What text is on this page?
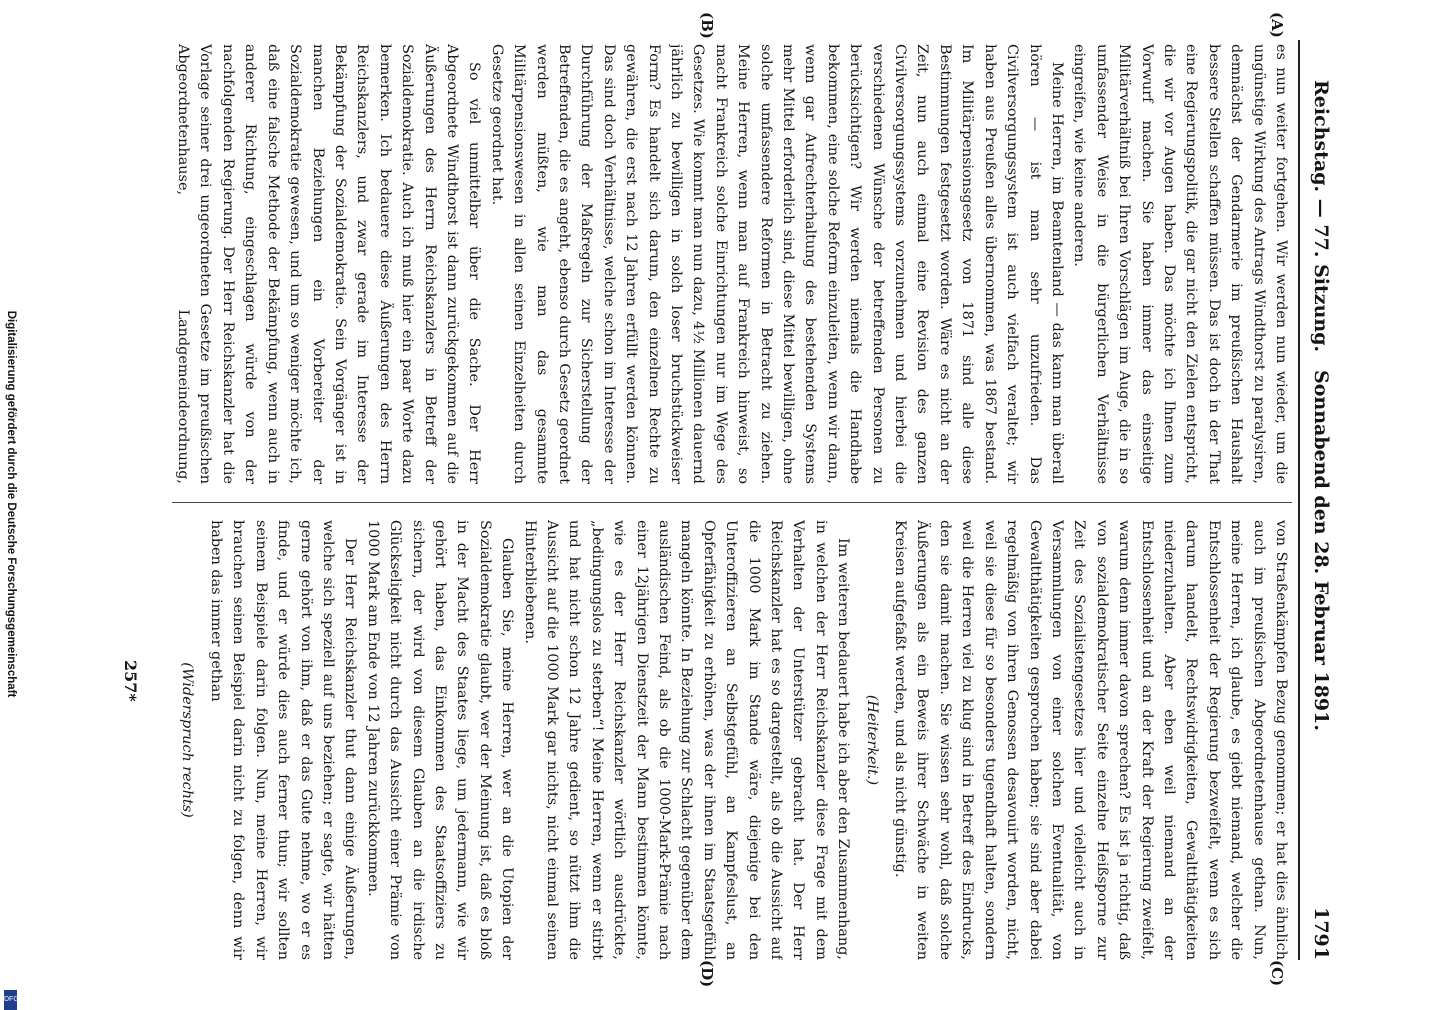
Digitalisierung gefördert durch die Deutsche Forschungsgemeinschaft
DFG
Reichstag. — 77. Sitzung.
Sonnabend den 28. Februar 1891.
1791
(A)
(B)
(C)
(D)

es nun weiter fortgehen. Wir werden nun wieder, um die ungünstige Wirkung des Antrags Windthorst zu paralysiren, demnächst der Gendarmerie im preußischen Haushalt bessere Stellen schaffen müssen. Das ist doch in der That eine Regierungspolitik, die gar nicht den Zielen entspricht, die wir vor Augen haben. Das möchte ich Ihnen zum Vorwurf machen. Sie haben immer das einseitige Militärverhältniß bei Ihren Vorschlägen im Auge, die in so umfassender Weise in die bürgerlichen Verhältnisse eingreifen, wie keine anderen.

Meine Herren, im Beamtenland — das kann man überall hören — ist man sehr unzufrieden. Das Civilversorgungssystem ist auch vielfach veraltet; wir haben aus Preußen alles übernommen, was 1867 bestand. Im Militärpensionsgesetz von 1871 sind alle diese Bestimmungen festgesetzt worden. Wäre es nicht an der Zeit, nun auch einmal eine Revision des ganzen Civilversorgungssystems vorzunehmen und hierbei die verschiedenen Wünsche der betreffenden Personen zu berücksichtigen? Wir werden niemals die Handhabe bekommen, eine solche Reform einzuleiten, wenn wir dann, wenn gar Aufrechterhaltung des bestehenden Systems mehr Mittel erforderlich sind, diese Mittel bewilligen, ohne solche umfassendere Reformen in Betracht zu ziehen. Meine Herren, wenn man auf Frankreich hinweist, so macht Frankreich solche Einrichtungen nur im Wege des Gesetzes. Wie kommt man nun dazu, 4½ Millionen dauernd jährlich zu bewilligen in solch loser bruchstückweiser Form? Es handelt sich darum, den einzelnen Rechte zu gewähren, die erst nach 12 Jahren erfüllt werden können. Das sind doch Verhältnisse, welche schon im Interesse der Durchführung der Maßregeln zur Sicherstellung der Betreffenden, die es angeht, ebenso durch Gesetz geordnet werden müßten, wie man das gesammte Militärpensionswesen in allen seinen Einzelheiten durch Gesetze geordnet hat.

So viel unmittelbar über die Sache. Der Herr Abgeordnete Windthorst ist dann zurückgekommen auf die Äußerungen des Herrn Reichskanzlers in Betreff der Sozialdemokratie. Auch ich muß hier ein paar Worte dazu bemerken. Ich bedauere diese Äußerungen des Herrn Reichskanzlers, und zwar gerade im Interesse der Bekämpfung der Sozialdemokratie. Sein Vorgänger ist in manchen Beziehungen ein Vorbereiter der Sozialdemokratie gewesen, und um so weniger möchte ich, daß eine falsche Methode der Bekämpfung, wenn auch in anderer Richtung, eingeschlagen würde von der nachfolgenden Regierung. Der Herr Reichskanzler hat die Vorlage seiner drei ungeordneten Gesetze im preußischen Abgeordnetenhause, Landgemeindeordnung,

von Straßenkämpfen Bezug genommen; er hat dies ähnlich auch im preußischen Abgeordnetenhause gethan. Nun, meine Herren, ich glaube, es giebt niemand, welcher die Entschlossenheit der Regierung bezweifelt, wenn es sich darum handelt, Rechtswidrigkeiten, Gewaltthätigkeiten niederzuhalten. Aber eben weil niemand an der Entschlossenheit und an der Kraft der Regierung zweifelt, warum denn immer davon sprechen? Es ist ja richtig, daß von sozialdemokratischer Seite einzelne Heißsporne zur Zeit des Sozialistengesetzes hier und vielleicht auch in Versammlungen von einer solchen Eventualität, von Gewaltthätigkeiten gesprochen haben; sie sind aber dabei regelmäßig von ihren Genossen desavouirt worden, nicht, weil sie diese für so besonders tugendhaft halten, sondern weil die Herren viel zu klug sind in Betreff des Eindrucks, den sie damit machen. Sie wissen sehr wohl, daß solche Äußerungen als ein Beweis ihrer Schwäche in weiten Kreisen aufgefaßt werden, und als nicht günstig.

(Heiterkeit.)

Im weiteren bedauert habe ich aber den Zusammenhang, in welchen der Herr Reichskanzler diese Frage mit dem Verhalten der Unterstützer gebracht hat. Der Herr Reichskanzler hat es so dargestellt, als ob die Aussicht auf die 1000 Mark im Stande wäre, diejenige bei den Unteroffizieren an Selbstgefühl, an Kampfeslust, an Opferfähigkeit zu erhöhen, was der ihnen im Staatsgefühl mangeln könnte. In Beziehung zur Schlacht gegenüber dem ausländischen Feind, als ob die 1000-Mark-Prämie nach einer 12jährigen Dienstzeit der Mann bestimmen könnte, wie es der Herr Reichskanzler wörtlich ausdrückte, „bedingungslos zu sterben“! Meine Herren, wenn er stirbt und hat nicht schon 12 Jahre gedient, so nützt ihm die Aussicht auf die 1000 Mark gar nichts, nicht einmal seinen Hinterbliebenen.

Glauben Sie, meine Herren, wer an die Utopien der Sozialdemokratie glaubt, wer der Meinung ist, daß es bloß in der Macht des Staates liege, um jedermann, wie wir gehört haben, das Einkommen des Staatsoffiziers zu sichern, der wird von diesem Glauben an die irdische Glückseligkeit nicht durch das Aussicht einer Prämie von 1000 Mark am Ende von 12 Jahren zurückkommen.

Der Herr Reichskanzler thut dann einige Äußerungen, welche sich speziell auf uns beziehen; er sagte, wir hätten gerne gehört von ihm, daß er das Gute nehme, wo er es finde, und er würde dies auch ferner thun; wir sollten seinem Beispiele darin folgen. Nun, meine Herren, wir brauchen seinen Beispiel darin nicht zu folgen, denn wir haben das immer gethan

(Widerspruch rechts)

257*
